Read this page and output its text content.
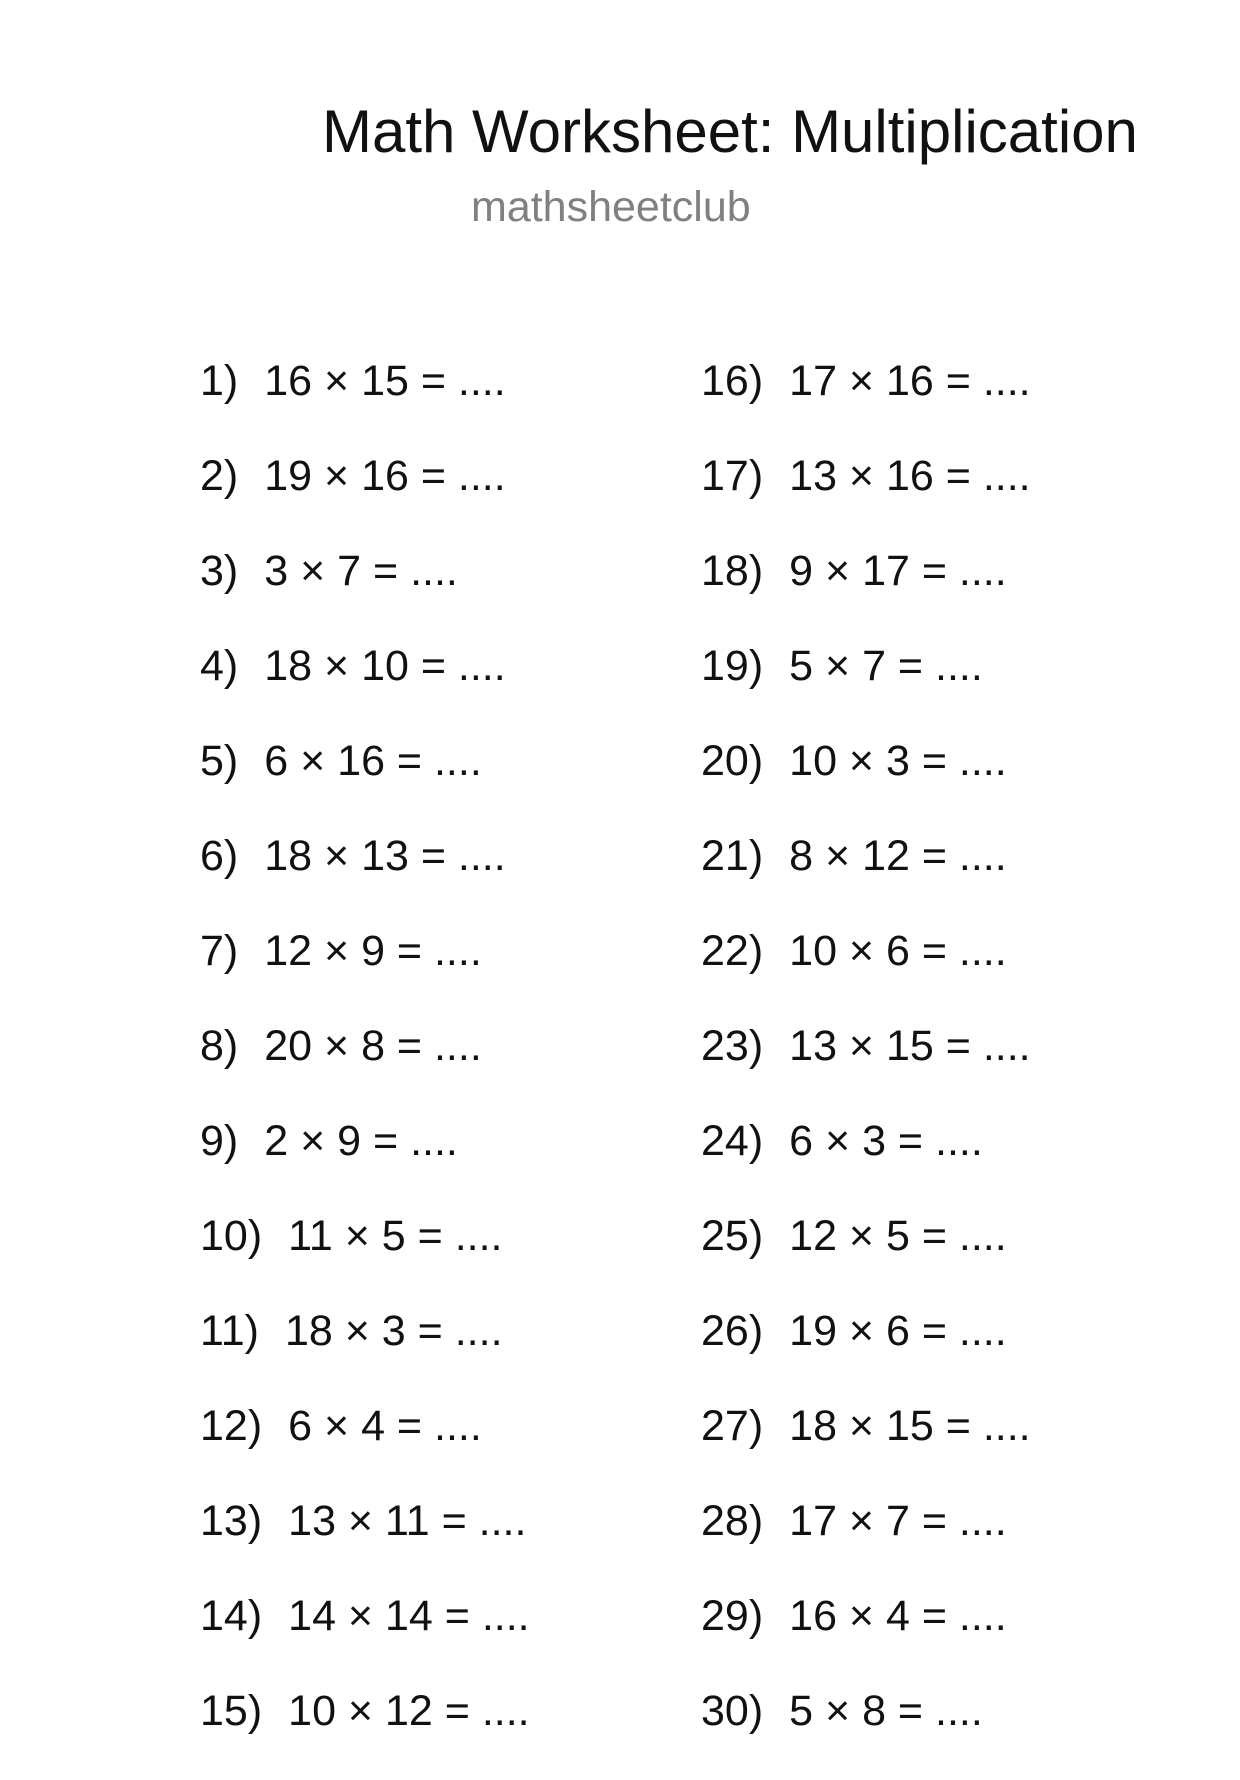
Math Worksheet: Multiplication
mathsheetclub
1) 16 × 15 = ....
2) 19 × 16 = ....
3) 3 × 7 = ....
4) 18 × 10 = ....
5) 6 × 16 = ....
6) 18 × 13 = ....
7) 12 × 9 = ....
8) 20 × 8 = ....
9) 2 × 9 = ....
10) 11 × 5 = ....
11) 18 × 3 = ....
12) 6 × 4 = ....
13) 13 × 11 = ....
14) 14 × 14 = ....
15) 10 × 12 = ....
16) 17 × 16 = ....
17) 13 × 16 = ....
18) 9 × 17 = ....
19) 5 × 7 = ....
20) 10 × 3 = ....
21) 8 × 12 = ....
22) 10 × 6 = ....
23) 13 × 15 = ....
24) 6 × 3 = ....
25) 12 × 5 = ....
26) 19 × 6 = ....
27) 18 × 15 = ....
28) 17 × 7 = ....
29) 16 × 4 = ....
30) 5 × 8 = ....
